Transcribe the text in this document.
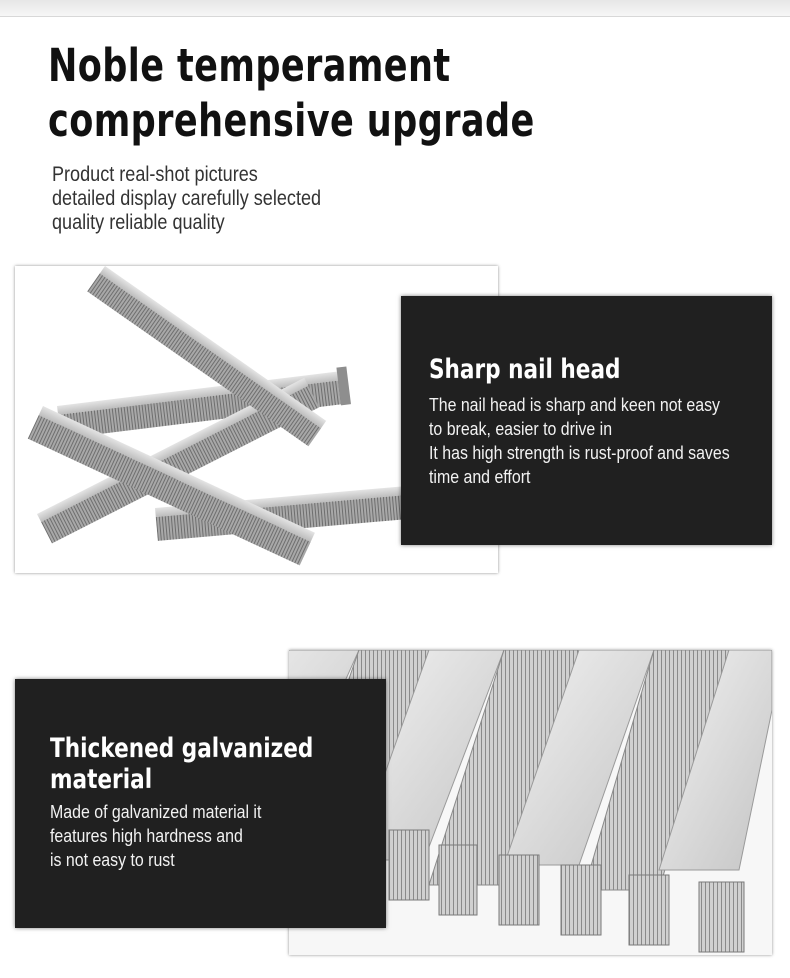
Noble temperament
comprehensive upgrade
Product real-shot pictures
detailed display carefully selected
quality reliable quality
Sharp nail head
The nail head is sharp and keen not easy
to break, easier to drive in
It has high strength is rust-proof and saves
time and effort
Thickened galvanized
material
Made of galvanized material it
features high hardness and
is not easy to rust
